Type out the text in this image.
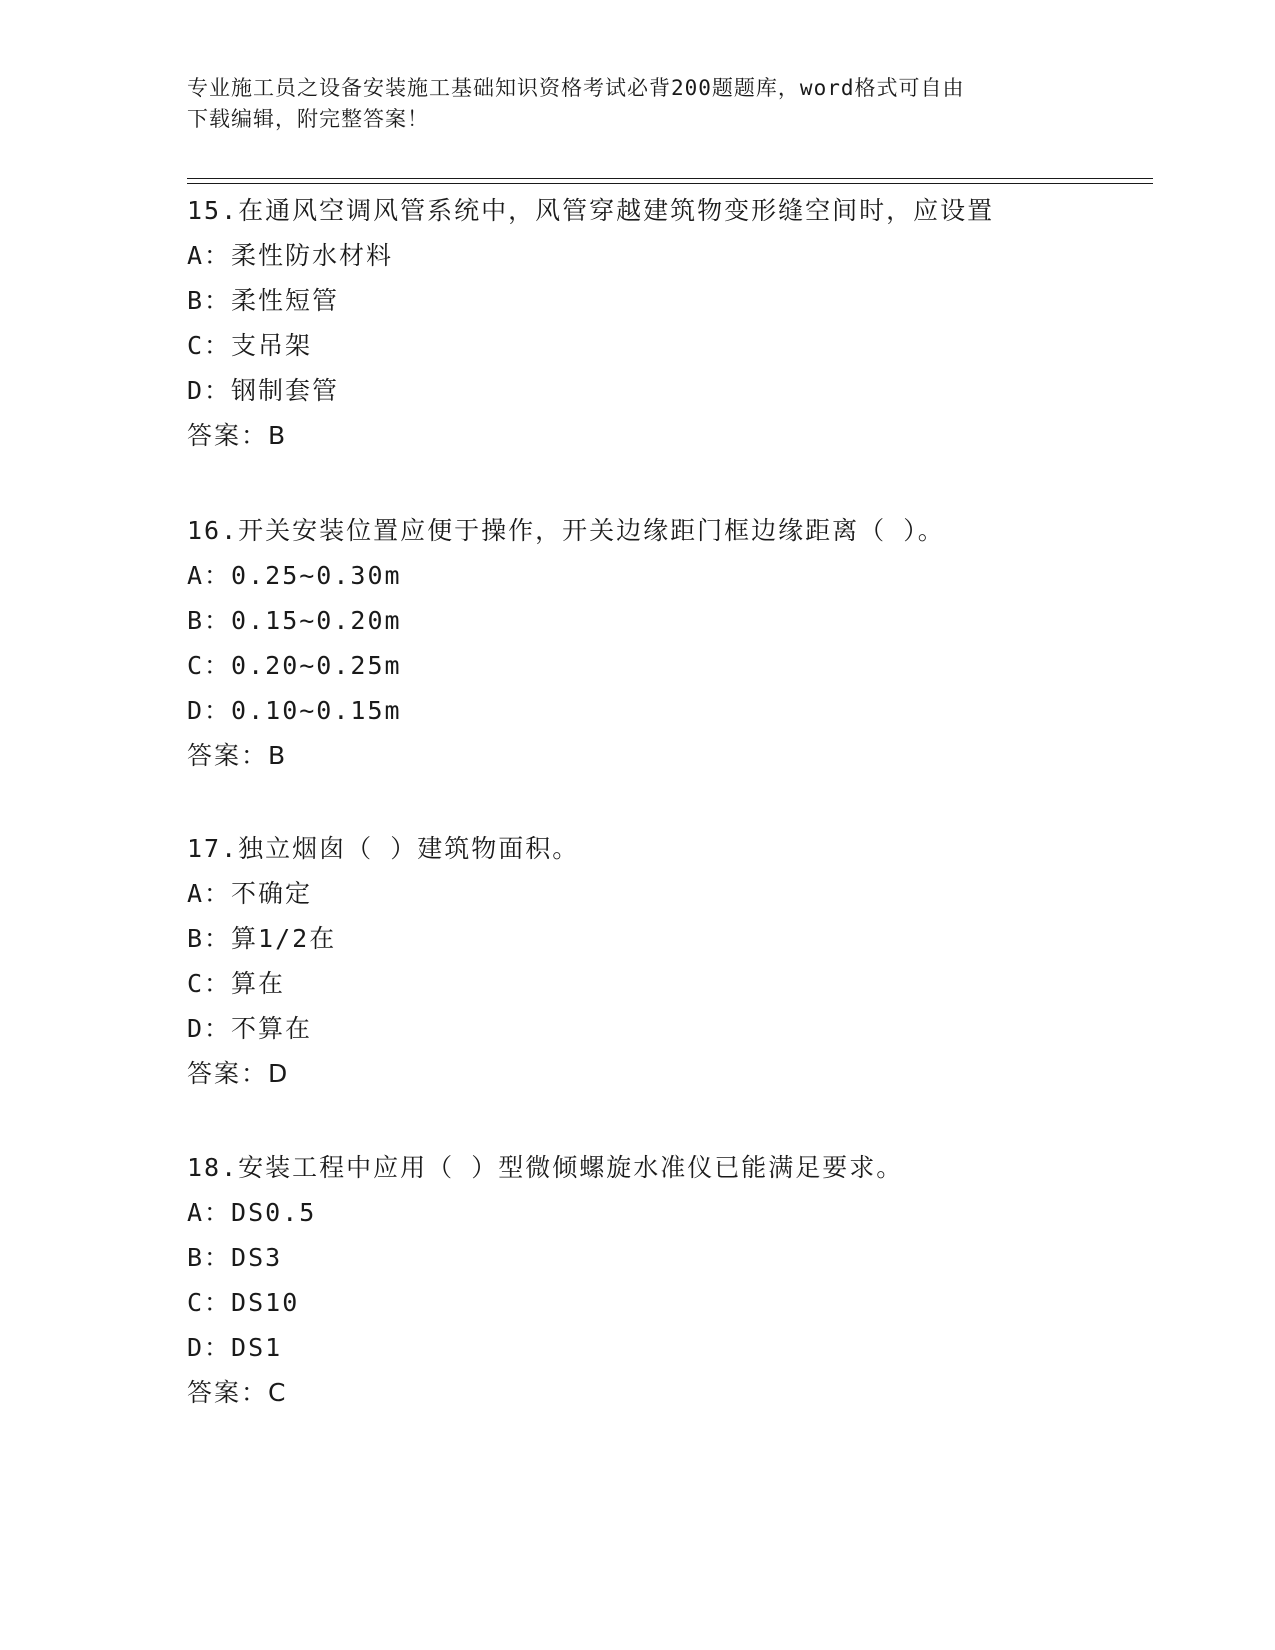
专业施工员之设备安装施工基础知识资格考试必背200题题库，word格式可自由
下载编辑，附完整答案！
15.在通风空调风管系统中，风管穿越建筑物变形缝空间时，应设置
A：柔性防水材料
B：柔性短管
C：支吊架
D：钢制套管
答案：B
16.开关安装位置应便于操作，开关边缘距门框边缘距离（ ）。
A：0.25~0.30m
B：0.15~0.20m
C：0.20~0.25m
D：0.10~0.15m
答案：B
17.独立烟囱（ ）建筑物面积。
A：不确定
B：算1/2在
C：算在
D：不算在
答案：D
18.安装工程中应用（ ）型微倾螺旋水准仪已能满足要求。
A：DS0.5
B：DS3
C：DS10
D：DS1
答案：C
